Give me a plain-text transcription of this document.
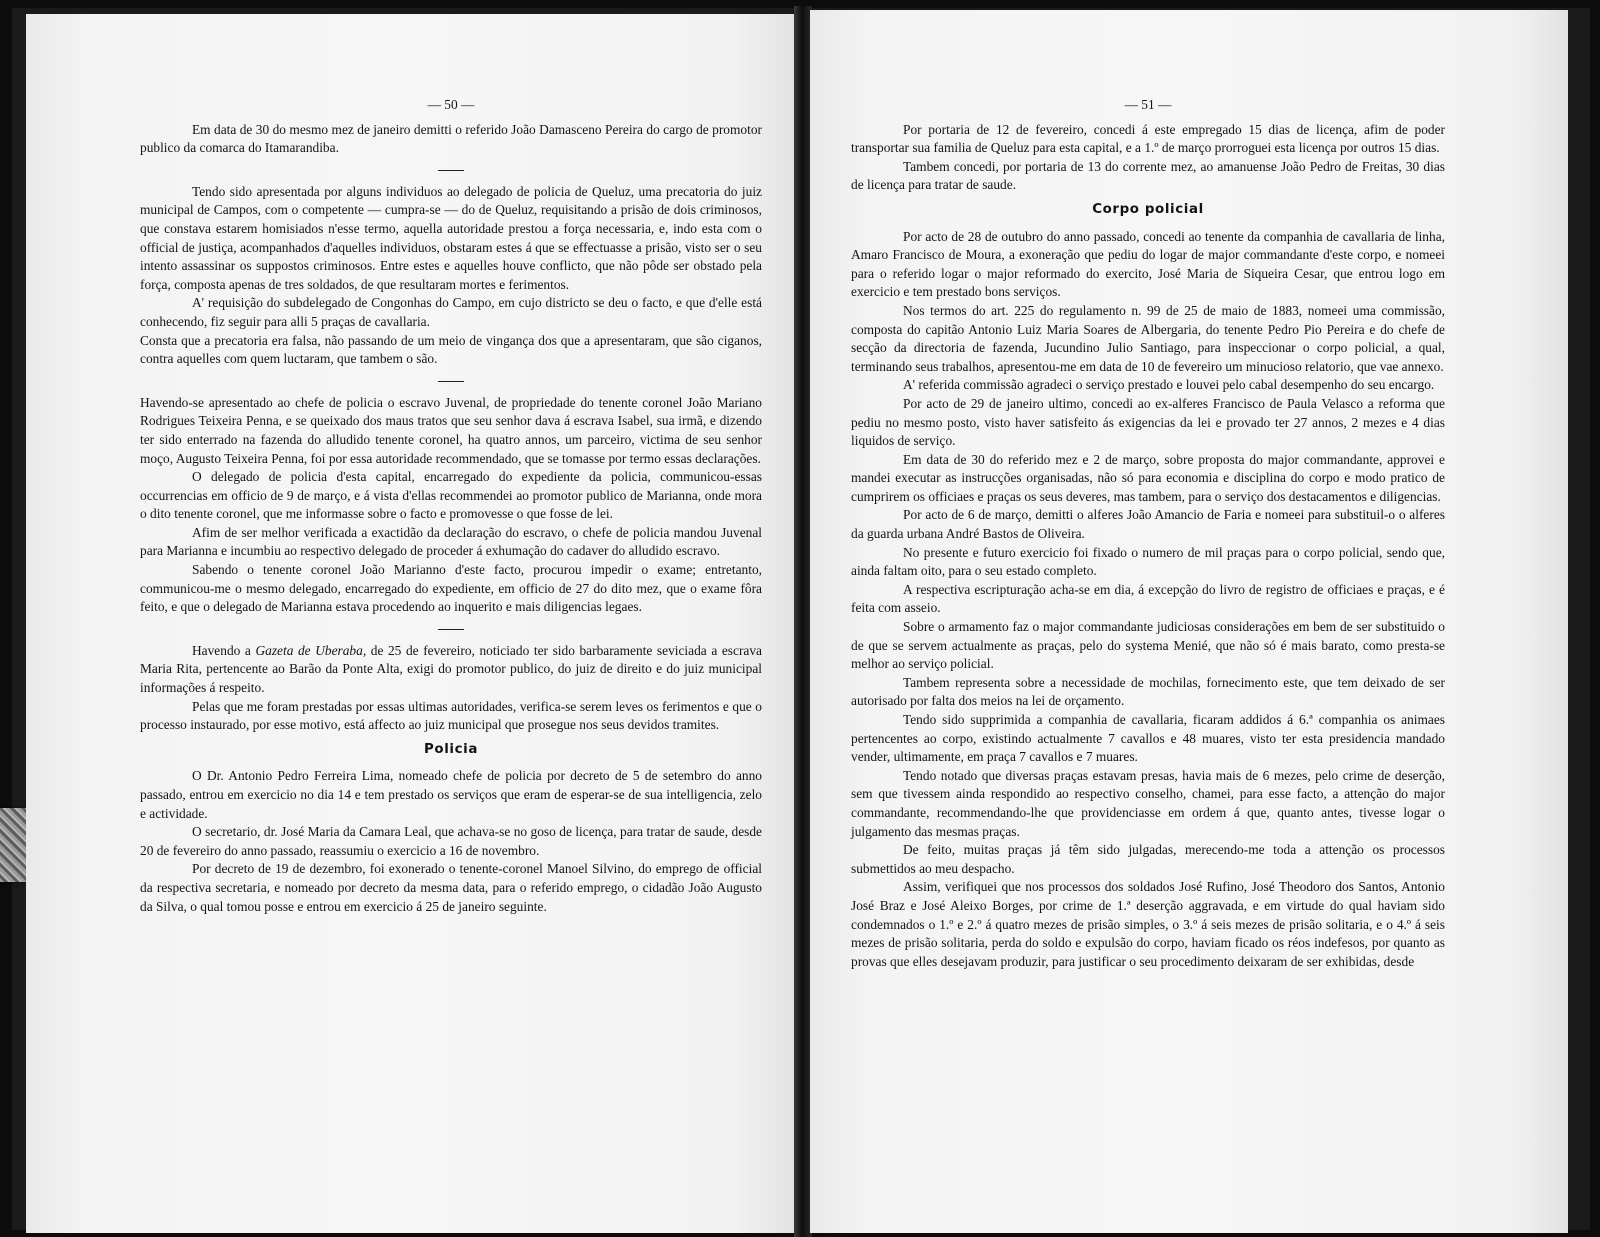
— 50 —

Em data de 30 do mesmo mez de janeiro demitti o referido João Damasceno Pereira do cargo de promotor publico da comarca do Itamarandiba.

Tendo sido apresentada por alguns individuos ao delegado de policia de Queluz, uma precatoria do juiz municipal de Campos, com o competente — cumpra-se — do de Queluz, requisitando a prisão de dois criminosos, que constava estarem homisiados n'esse termo, aquella autoridade prestou a força necessaria, e, indo esta com o official de justiça, acompanhados d'aquelles individuos, obstaram estes á que se effectuasse a prisão, visto ser o seu intento assassinar os suppostos criminosos. Entre estes e aquelles houve conflicto, que não pôde ser obstado pela força, composta apenas de tres soldados, de que resultaram mortes e ferimentos.

A' requisição do subdelegado de Congonhas do Campo, em cujo districto se deu o facto, e que d'elle está conhecendo, fiz seguir para alli 5 praças de cavallaria.

Consta que a precatoria era falsa, não passando de um meio de vingança dos que a apresentaram, que são ciganos, contra aquelles com quem luctaram, que tambem o são.

Havendo-se apresentado ao chefe de policia o escravo Juvenal, de propriedade do tenente coronel João Mariano Rodrigues Teixeira Penna, e se queixado dos maus tratos que seu senhor dava á escrava Isabel, sua irmã, e dizendo ter sido enterrado na fazenda do alludido tenente coronel, ha quatro annos, um parceiro, victima de seu senhor moço, Augusto Teixeira Penna, foi por essa autoridade recommendado, que se tomasse por termo essas declarações.

O delegado de policia d'esta capital, encarregado do expediente da policia, communicou-essas occurrencias em officio de 9 de março, e á vista d'ellas recommendei ao promotor publico de Marianna, onde mora o dito tenente coronel, que me informasse sobre o facto e promovesse o que fosse de lei.

Afim de ser melhor verificada a exactidão da declaração do escravo, o chefe de policia mandou Juvenal para Marianna e incumbiu ao respectivo delegado de proceder á exhumação do cadaver do alludido escravo.

Sabendo o tenente coronel João Marianno d'este facto, procurou impedir o exame; entretanto, communicou-me o mesmo delegado, encarregado do expediente, em officio de 27 do dito mez, que o exame fôra feito, e que o delegado de Marianna estava procedendo ao inquerito e mais diligencias legaes.

Havendo a Gazeta de Uberaba, de 25 de fevereiro, noticiado ter sido barbaramente seviciada a escrava Maria Rita, pertencente ao Barão da Ponte Alta, exigi do promotor publico, do juiz de direito e do juiz municipal informações á respeito.

Pelas que me foram prestadas por essas ultimas autoridades, verifica-se serem leves os ferimentos e que o processo instaurado, por esse motivo, está affecto ao juiz municipal que prosegue nos seus devidos tramites.

Policia

O Dr. Antonio Pedro Ferreira Lima, nomeado chefe de policia por decreto de 5 de setembro do anno passado, entrou em exercicio no dia 14 e tem prestado os serviços que eram de esperar-se de sua intelligencia, zelo e actividade.

O secretario, dr. José Maria da Camara Leal, que achava-se no goso de licença, para tratar de saude, desde 20 de fevereiro do anno passado, reassumiu o exercicio a 16 de novembro.

Por decreto de 19 de dezembro, foi exonerado o tenente-coronel Manoel Silvino, do emprego de official da respectiva secretaria, e nomeado por decreto da mesma data, para o referido emprego, o cidadão João Augusto da Silva, o qual tomou posse e entrou em exercicio á 25 de janeiro seguinte.

— 51 —

Por portaria de 12 de fevereiro, concedi á este empregado 15 dias de licença, afim de poder transportar sua familia de Queluz para esta capital, e a 1.º de março prorroguei esta licença por outros 15 dias.

Tambem concedi, por portaria de 13 do corrente mez, ao amanuense João Pedro de Freitas, 30 dias de licença para tratar de saude.

Corpo policial

Por acto de 28 de outubro do anno passado, concedi ao tenente da companhia de cavallaria de linha, Amaro Francisco de Moura, a exoneração que pediu do logar de major commandante d'este corpo, e nomeei para o referido logar o major reformado do exercito, José Maria de Siqueira Cesar, que entrou logo em exercicio e tem prestado bons serviços.

Nos termos do art. 225 do regulamento n. 99 de 25 de maio de 1883, nomeei uma commissão, composta do capitão Antonio Luiz Maria Soares de Albergaria, do tenente Pedro Pio Pereira e do chefe de secção da directoria de fazenda, Jucundino Julio Santiago, para inspeccionar o corpo policial, a qual, terminando seus trabalhos, apresentou-me em data de 10 de fevereiro um minucioso relatorio, que vae annexo.

A' referida commissão agradeci o serviço prestado e louvei pelo cabal desempenho do seu encargo.

Por acto de 29 de janeiro ultimo, concedi ao ex-alferes Francisco de Paula Velasco a reforma que pediu no mesmo posto, visto haver satisfeito ás exigencias da lei e provado ter 27 annos, 2 mezes e 4 dias liquidos de serviço.

Em data de 30 do referido mez e 2 de março, sobre proposta do major commandante, approvei e mandei executar as instrucções organisadas, não só para economia e disciplina do corpo e modo pratico de cumprirem os officiaes e praças os seus deveres, mas tambem, para o serviço dos destacamentos e diligencias.

Por acto de 6 de março, demitti o alferes João Amancio de Faria e nomeei para substituil-o o alferes da guarda urbana André Bastos de Oliveira.

No presente e futuro exercicio foi fixado o numero de mil praças para o corpo policial, sendo que, ainda faltam oito, para o seu estado completo.

A respectiva escripturação acha-se em dia, á excepção do livro de registro de officiaes e praças, e é feita com asseio.

Sobre o armamento faz o major commandante judiciosas considerações em bem de ser substituido o de que se servem actualmente as praças, pelo do systema Menié, que não só é mais barato, como presta-se melhor ao serviço policial.

Tambem representa sobre a necessidade de mochilas, fornecimento este, que tem deixado de ser autorisado por falta dos meios na lei de orçamento.

Tendo sido supprimida a companhia de cavallaria, ficaram addidos á 6.ª companhia os animaes pertencentes ao corpo, existindo actualmente 7 cavallos e 48 muares, visto ter esta presidencia mandado vender, ultimamente, em praça 7 cavallos e 7 muares.

Tendo notado que diversas praças estavam presas, havia mais de 6 mezes, pelo crime de deserção, sem que tivessem ainda respondido ao respectivo conselho, chamei, para esse facto, a attenção do major commandante, recommendando-lhe que providenciasse em ordem á que, quanto antes, tivesse logar o julgamento das mesmas praças.

De feito, muitas praças já têm sido julgadas, merecendo-me toda a attenção os processos submettidos ao meu despacho.

Assim, verifiquei que nos processos dos soldados José Rufino, José Theodoro dos Santos, Antonio José Braz e José Aleixo Borges, por crime de 1.ª deserção aggravada, e em virtude do qual haviam sido condemnados o 1.º e 2.º á quatro mezes de prisão simples, o 3.º á seis mezes de prisão solitaria, e o 4.º á seis mezes de prisão solitaria, perda do soldo e expulsão do corpo, haviam ficado os réos indefesos, por quanto as provas que elles desejavam produzir, para justificar o seu procedimento deixaram de ser exhibidas, desde
